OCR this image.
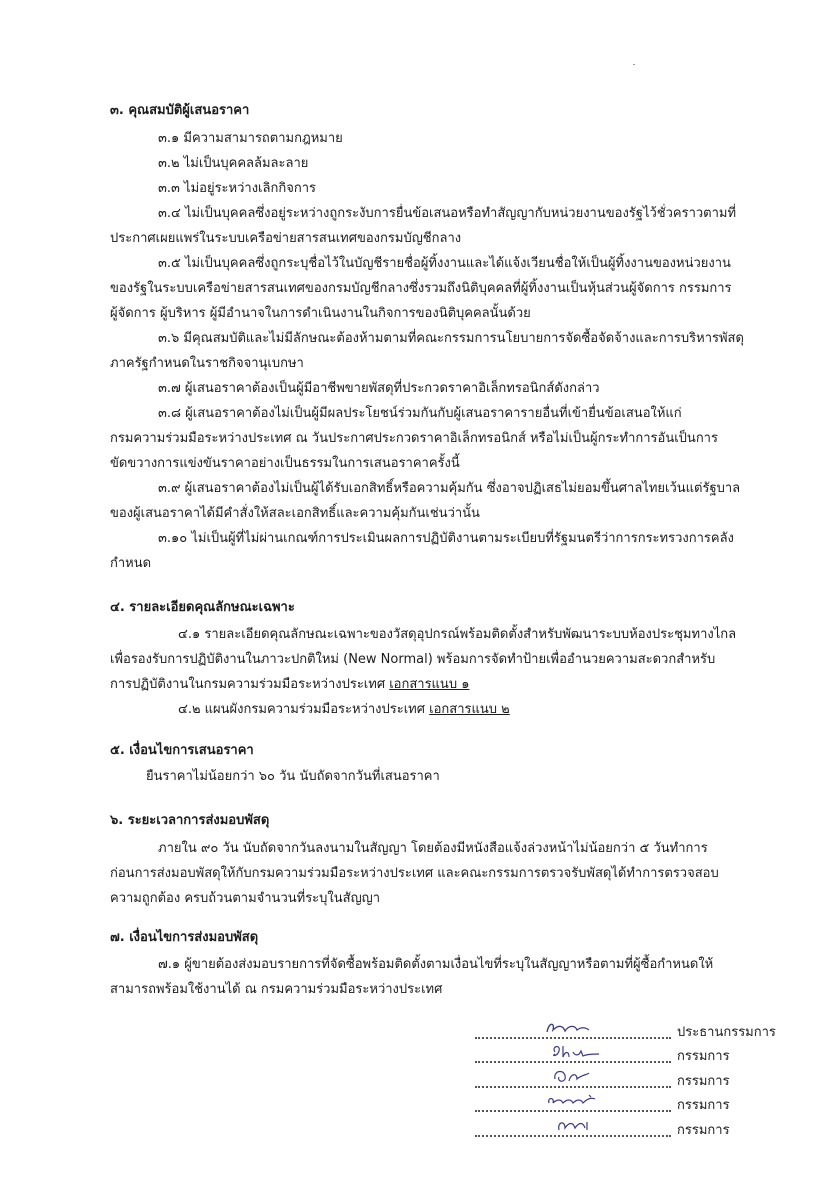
๓. คุณสมบัติผู้เสนอราคา

๓.๑ มีความสามารถตามกฎหมาย

๓.๒ ไม่เป็นบุคคลล้มละลาย

๓.๓ ไม่อยู่ระหว่างเลิกกิจการ

๓.๔ ไม่เป็นบุคคลซึ่งอยู่ระหว่างถูกระงับการยื่นข้อเสนอหรือทำสัญญากับหน่วยงานของรัฐไว้ชั่วคราวตามที่

ประกาศเผยแพร่ในระบบเครือข่ายสารสนเทศของกรมบัญชีกลาง

๓.๕ ไม่เป็นบุคคลซึ่งถูกระบุชื่อไว้ในบัญชีรายชื่อผู้ทิ้งงานและได้แจ้งเวียนชื่อให้เป็นผู้ทิ้งงานของหน่วยงาน

ของรัฐในระบบเครือข่ายสารสนเทศของกรมบัญชีกลางซึ่งรวมถึงนิติบุคคลที่ผู้ทิ้งงานเป็นหุ้นส่วนผู้จัดการ กรรมการ

ผู้จัดการ ผู้บริหาร ผู้มีอำนาจในการดำเนินงานในกิจการของนิติบุคคลนั้นด้วย

๓.๖ มีคุณสมบัติและไม่มีลักษณะต้องห้ามตามที่คณะกรรมการนโยบายการจัดซื้อจัดจ้างและการบริหารพัสดุ

ภาครัฐกำหนดในราชกิจจานุเบกษา

๓.๗ ผู้เสนอราคาต้องเป็นผู้มีอาชีพขายพัสดุที่ประกวดราคาอิเล็กทรอนิกส์ดังกล่าว

๓.๘ ผู้เสนอราคาต้องไม่เป็นผู้มีผลประโยชน์ร่วมกันกับผู้เสนอราคารายอื่นที่เข้ายื่นข้อเสนอให้แก่

กรมความร่วมมือระหว่างประเทศ ณ วันประกาศประกวดราคาอิเล็กทรอนิกส์ หรือไม่เป็นผู้กระทำการอันเป็นการ

ขัดขวางการแข่งขันราคาอย่างเป็นธรรมในการเสนอราคาครั้งนี้

๓.๙ ผู้เสนอราคาต้องไม่เป็นผู้ได้รับเอกสิทธิ์หรือความคุ้มกัน ซึ่งอาจปฏิเสธไม่ยอมขึ้นศาลไทยเว้นแต่รัฐบาล

ของผู้เสนอราคาได้มีคำสั่งให้สละเอกสิทธิ์และความคุ้มกันเช่นว่านั้น

๓.๑๐ ไม่เป็นผู้ที่ไม่ผ่านเกณฑ์การประเมินผลการปฏิบัติงานตามระเบียบที่รัฐมนตรีว่าการกระทรวงการคลัง

กำหนด

๔. รายละเอียดคุณลักษณะเฉพาะ

๔.๑ รายละเอียดคุณลักษณะเฉพาะของวัสดุอุปกรณ์พร้อมติดตั้งสำหรับพัฒนาระบบห้องประชุมทางไกล

เพื่อรองรับการปฏิบัติงานในภาวะปกติใหม่ (New Normal) พร้อมการจัดทำป้ายเพื่ออำนวยความสะดวกสำหรับ

การปฏิบัติงานในกรมความร่วมมือระหว่างประเทศ เอกสารแนบ ๑

๔.๒ แผนผังกรมความร่วมมือระหว่างประเทศ เอกสารแนบ ๒

๕. เงื่อนไขการเสนอราคา

ยืนราคาไม่น้อยกว่า ๖๐ วัน นับถัดจากวันที่เสนอราคา

๖. ระยะเวลาการส่งมอบพัสดุ

ภายใน ๙๐ วัน นับถัดจากวันลงนามในสัญญา โดยต้องมีหนังสือแจ้งล่วงหน้าไม่น้อยกว่า ๕ วันทำการ

ก่อนการส่งมอบพัสดุให้กับกรมความร่วมมือระหว่างประเทศ และคณะกรรมการตรวจรับพัสดุได้ทำการตรวจสอบ

ความถูกต้อง ครบถ้วนตามจำนวนที่ระบุในสัญญา

๗. เงื่อนไขการส่งมอบพัสดุ

๗.๑ ผู้ขายต้องส่งมอบรายการที่จัดซื้อพร้อมติดตั้งตามเงื่อนไขที่ระบุในสัญญาหรือตามที่ผู้ซื้อกำหนดให้

สามารถพร้อมใช้งานได้ ณ กรมความร่วมมือระหว่างประเทศ

ประธานกรรมการ
กรรมการ
กรรมการ
กรรมการ
กรรมการ
